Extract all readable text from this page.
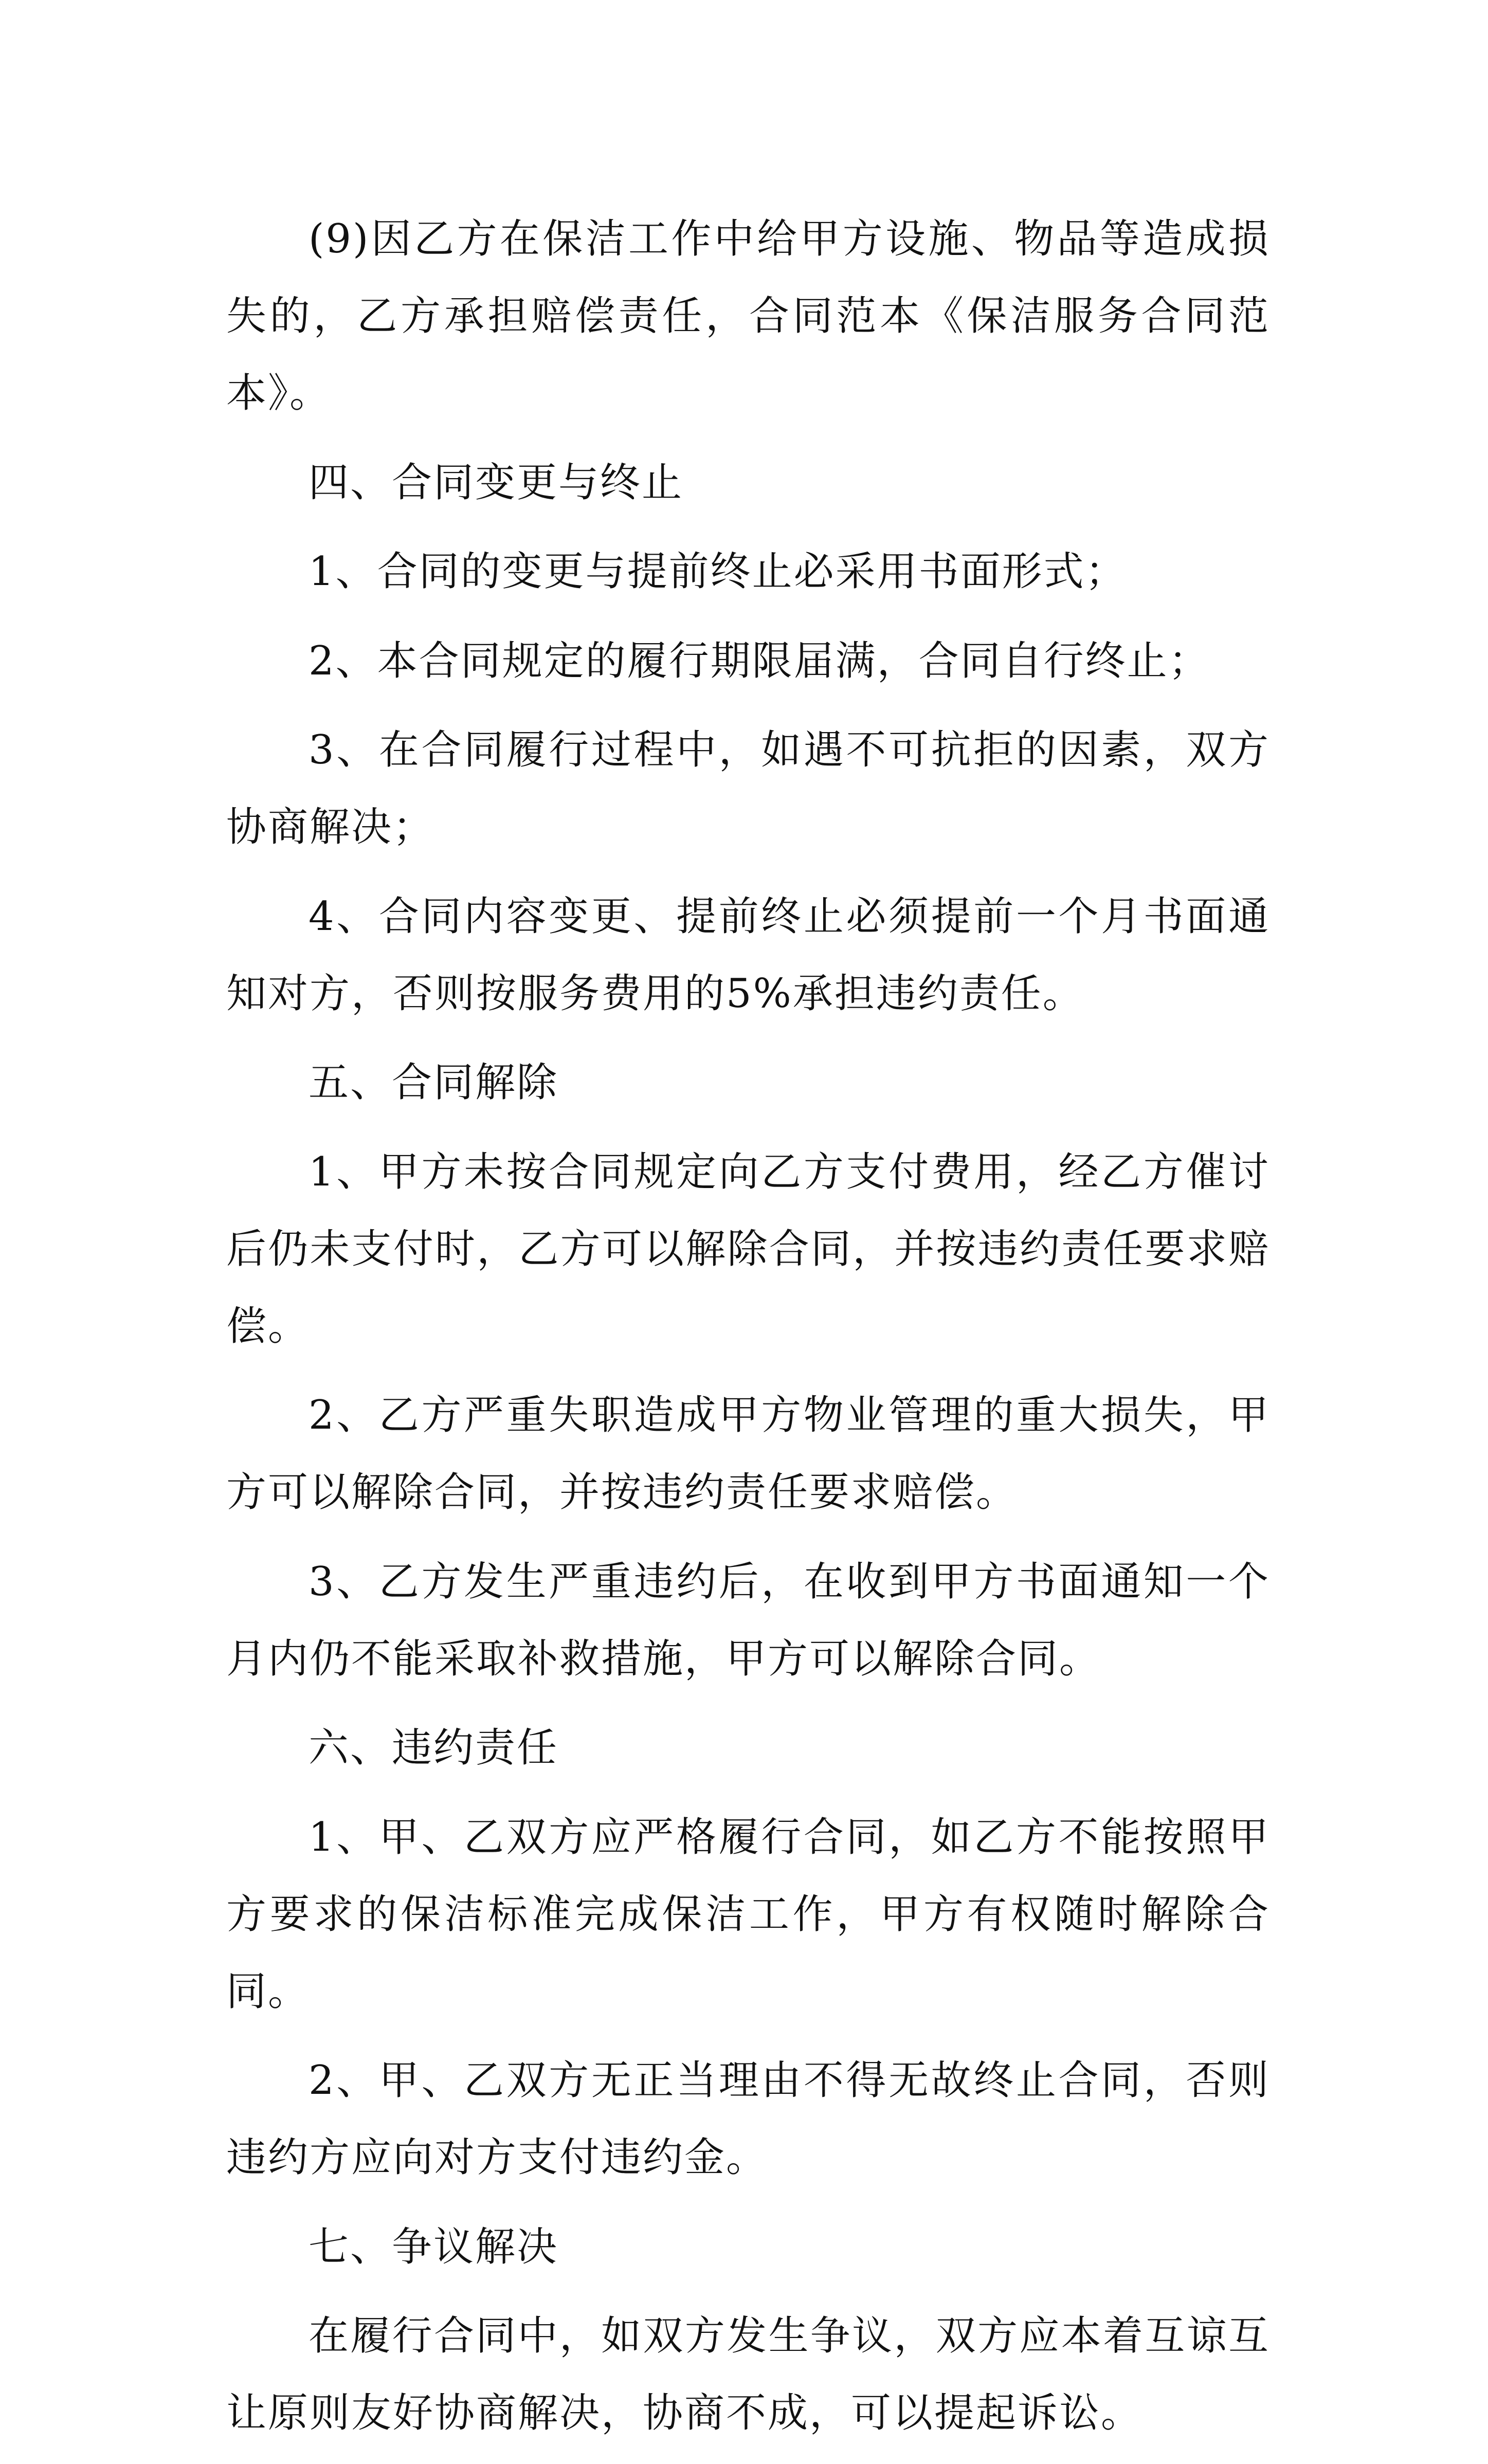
(9)因乙方在保洁工作中给甲方设施、物品等造成损失的，乙方承担赔偿责任，合同范本《保洁服务合同范本》。

四、合同变更与终止

1、合同的变更与提前终止必采用书面形式；

2、本合同规定的履行期限届满，合同自行终止；

3、在合同履行过程中，如遇不可抗拒的因素，双方协商解决；

4、合同内容变更、提前终止必须提前一个月书面通知对方，否则按服务费用的5%承担违约责任。

五、合同解除

1、甲方未按合同规定向乙方支付费用，经乙方催讨后仍未支付时，乙方可以解除合同，并按违约责任要求赔偿。

2、乙方严重失职造成甲方物业管理的重大损失，甲方可以解除合同，并按违约责任要求赔偿。

3、乙方发生严重违约后，在收到甲方书面通知一个月内仍不能采取补救措施，甲方可以解除合同。

六、违约责任

1、甲、乙双方应严格履行合同，如乙方不能按照甲方要求的保洁标准完成保洁工作，甲方有权随时解除合同。

2、甲、乙双方无正当理由不得无故终止合同，否则违约方应向对方支付违约金。

七、争议解决

在履行合同中，如双方发生争议，双方应本着互谅互让原则友好协商解决，协商不成，可以提起诉讼。
